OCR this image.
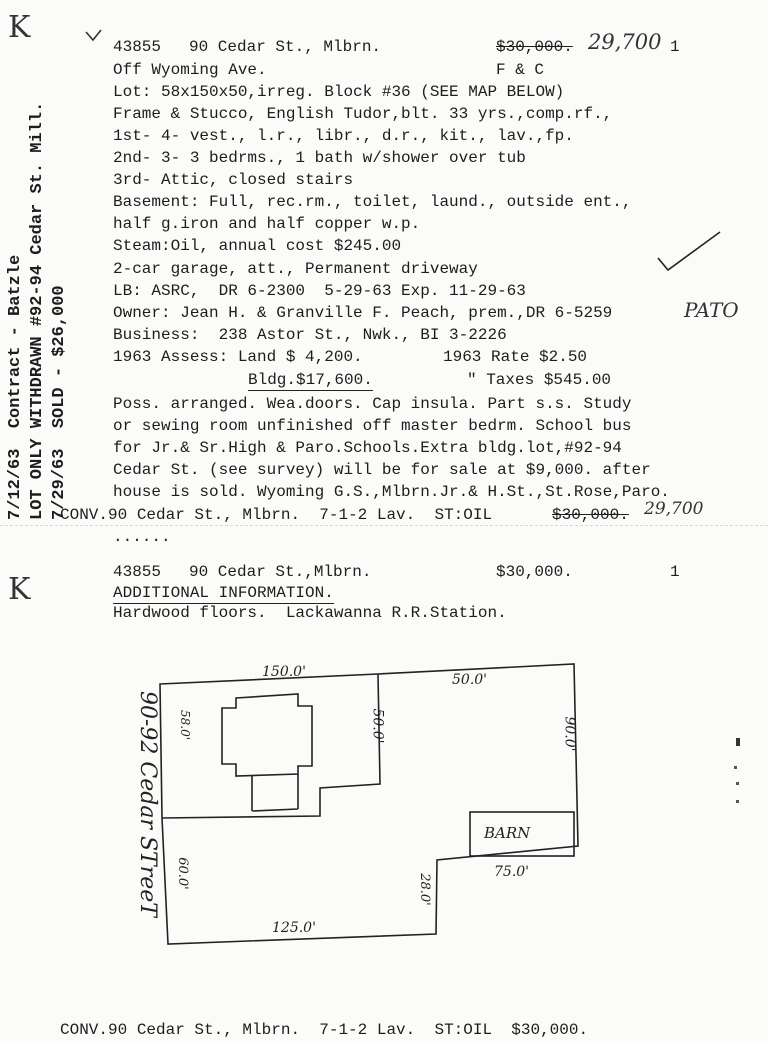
K
43855 90 Cedar St., Mlbrn.	$30,000. 29,700 1
Off Wyoming Ave.	F & C
Lot: 58x150x50,irreg. Block #36 (SEE MAP BELOW)
Frame & Stucco, English Tudor,blt. 33 yrs.,comp.rf.,
1st- 4- vest., l.r., libr., d.r., kit., lav.,fp.
2nd- 3- 3 bedrms., 1 bath w/shower over tub
3rd- Attic, closed stairs
Basement: Full, rec.rm., toilet, laund., outside ent.,
half g.iron and half copper w.p.
Steam:Oil, annual cost $245.00
2-car garage, att., Permanent driveway
LB: ASRC,  DR 6-2300  5-29-63 Exp. 11-29-63
Owner: Jean H. & Granville F. Peach, prem.,DR 6-5259
Business:  238 Astor St., Nwk., BI 3-2226
PATO
1963 Assess: Land $ 4,200.	1963 Rate $2.50
Bldg.$17,600.	" Taxes $545.00
Poss. arranged. Wea.doors. Cap insula. Part s.s. Study
or sewing room unfinished off master bedrm. School bus
for Jr.& Sr.High & Paro.Schools.Extra bldg.lot,#92-94
Cedar St. (see survey) will be for sale at $9,000. after
house is sold. Wyoming G.S.,Mlbrn.Jr.& H.St.,St.Rose,Paro.
CONV.90 Cedar St., Mlbrn.  7-1-2 Lav.  ST:OIL	$30,000. 29,700
7/12/63  Contract - Batzle LOT ONLY WITHDRAWN #92-94 Cedar St. Mill. 7/29/63  SOLD - $26,000
......
K	43855 90 Cedar St.,Mlbrn.	$30,000.	1
ADDITIONAL INFORMATION.
Hardwood floors.  Lackawanna R.R.Station.
150.0'	50.0'
58.0'	50.0'	90.0'
60.0'	28.0'
75.0'
125.0'
BARN
90-92 Cedar STreeT
CONV.90 Cedar St., Mlbrn.  7-1-2 Lav.  ST:OIL  $30,000.
